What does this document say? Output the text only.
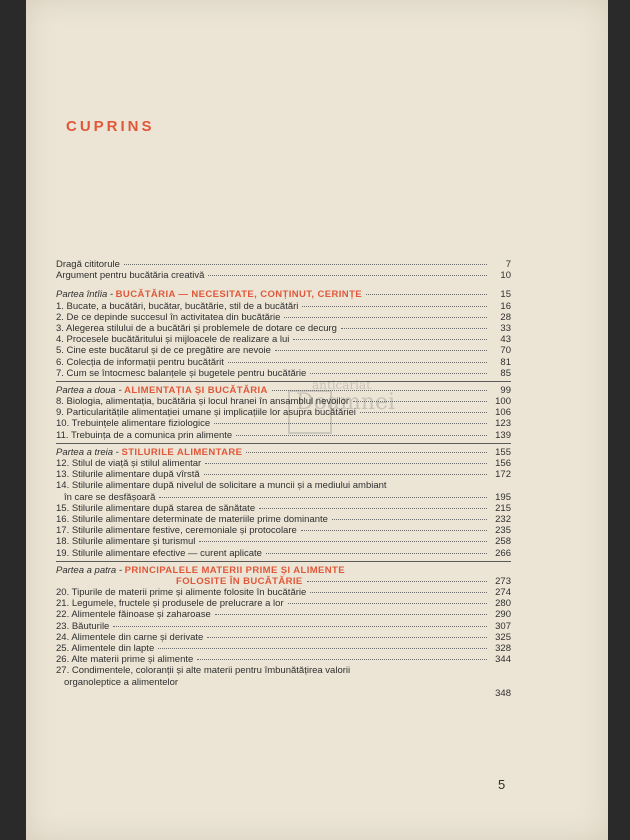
CUPRINS
anticariat
Doamnei
Dragă cititorule	7
Argument pentru bucătăria creativă	10
Partea întîia - BUCĂTĂRIA — NECESITATE, CONȚINUT, CERINȚE	15
1. Bucate, a bucătări, bucătar, bucătărie, stil de a bucătări	16
2. De ce depinde succesul în activitatea din bucătărie	28
3. Alegerea stilului de a bucătări și problemele de dotare ce decurg	33
4. Procesele bucătăritului și mijloacele de realizare a lui	43
5. Cine este bucătarul și de ce pregătire are nevoie	70
6. Colecția de informații pentru bucătărit	81
7. Cum se întocmesc balanțele și bugetele pentru bucătărie	85
Partea a doua - ALIMENTAȚIA ȘI BUCĂTĂRIA	99
8. Biologia, alimentația, bucătăria și locul hranei în ansamblul nevoilor	100
9. Particularitățile alimentației umane și implicațiile lor asupra bucătăriei	106
10. Trebuințele alimentare fiziologice	123
11. Trebuința de a comunica prin alimente	139
Partea a treia - STILURILE ALIMENTARE	155
12. Stilul de viață și stilul alimentar	156
13. Stilurile alimentare după vîrstă	172
14. Stilurile alimentare după nivelul de solicitare a muncii și a mediului ambiant
în care se desfășoară	195
15. Stilurile alimentare după starea de sănătate	215
16. Stilurile alimentare determinate de materiile prime dominante	232
17. Stilurile alimentare festive, ceremoniale și protocolare	235
18. Stilurile alimentare și turismul	258
19. Stilurile alimentare efective — curent aplicate	266
Partea a patra - PRINCIPALELE MATERII PRIME ȘI ALIMENTE
FOLOSITE ÎN BUCĂTĂRIE	273
20. Tipurile de materii prime și alimente folosite în bucătărie	274
21. Legumele, fructele și produsele de prelucrare a lor	280
22. Alimentele făinoase și zaharoase	290
23. Băuturile	307
24. Alimentele din carne și derivate	325
25. Alimentele din lapte	328
26. Alte materii prime și alimente	344
27. Condimentele, coloranții și alte materii pentru îmbunătățirea valorii
organoleptice a alimentelor
348
5
